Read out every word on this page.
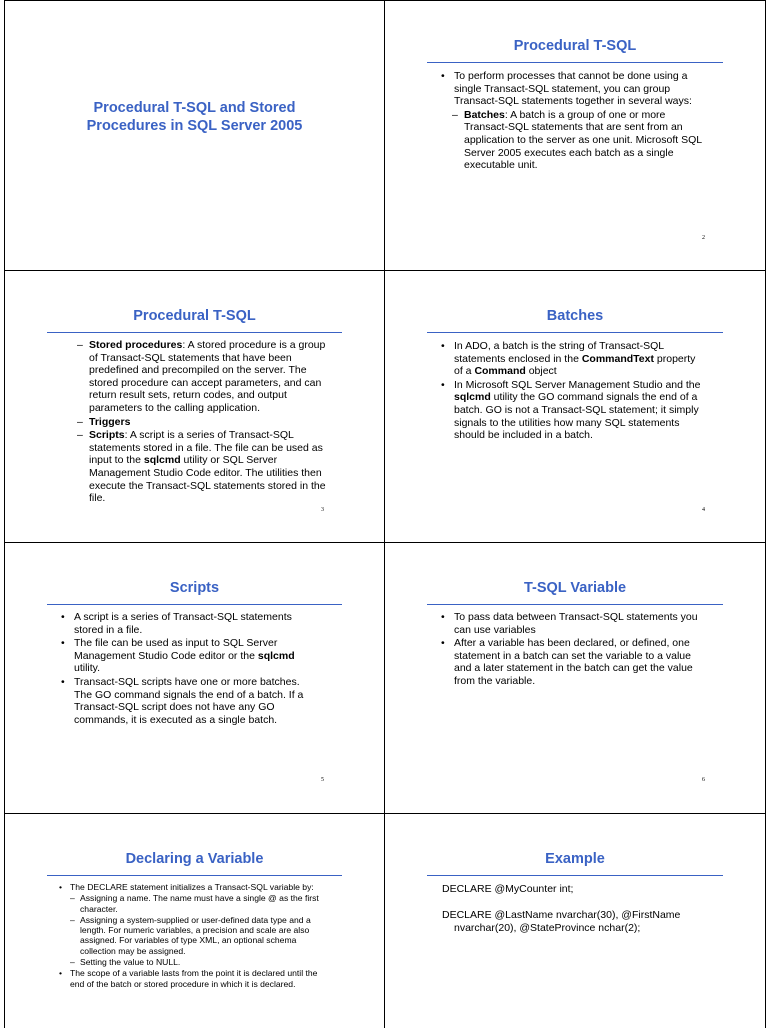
Procedural T-SQL and Stored
Procedures in SQL Server 2005
Procedural T-SQL
• To perform processes that cannot be done using a single Transact-SQL statement, you can group Transact-SQL statements together in several ways:
– Batches: A batch is a group of one or more Transact-SQL statements that are sent from an application to the server as one unit. Microsoft SQL Server 2005 executes each batch as a single executable unit.
2
Procedural T-SQL
– Stored procedures: A stored procedure is a group of Transact-SQL statements that have been predefined and precompiled on the server. The stored procedure can accept parameters, and can return result sets, return codes, and output parameters to the calling application.
– Triggers
– Scripts: A script is a series of Transact-SQL statements stored in a file. The file can be used as input to the sqlcmd utility or SQL Server Management Studio Code editor. The utilities then execute the Transact-SQL statements stored in the file.
3
Batches
• In ADO, a batch is the string of Transact-SQL statements enclosed in the CommandText property of a Command object
• In Microsoft SQL Server Management Studio and the sqlcmd utility the GO command signals the end of a batch. GO is not a Transact-SQL statement; it simply signals to the utilities how many SQL statements should be included in a batch.
4
Scripts
• A script is a series of Transact-SQL statements stored in a file.
• The file can be used as input to SQL Server Management Studio Code editor or the sqlcmd utility.
• Transact-SQL scripts have one or more batches. The GO command signals the end of a batch. If a Transact-SQL script does not have any GO commands, it is executed as a single batch.
5
T-SQL Variable
• To pass data between Transact-SQL statements you can use variables
• After a variable has been declared, or defined, one statement in a batch can set the variable to a value and a later statement in the batch can get the value from the variable.
6
Declaring a Variable
• The DECLARE statement initializes a Transact-SQL variable by:
– Assigning a name. The name must have a single @ as the first character.
– Assigning a system-supplied or user-defined data type and a length. For numeric variables, a precision and scale are also assigned. For variables of type XML, an optional schema collection may be assigned.
– Setting the value to NULL.
• The scope of a variable lasts from the point it is declared until the end of the batch or stored procedure in which it is declared.
Example
DECLARE @MyCounter int;
DECLARE @LastName nvarchar(30), @FirstName
nvarchar(20), @StateProvince nchar(2);
